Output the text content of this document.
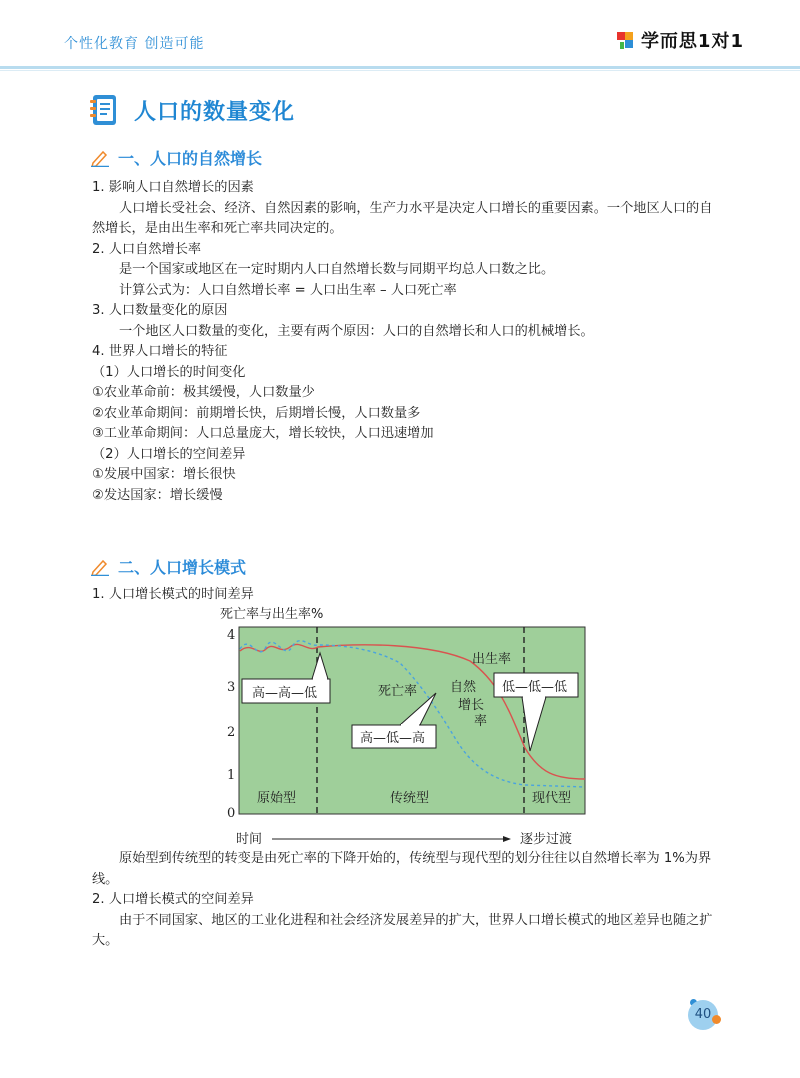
个性化教育 创造可能	学而思1对1
人口的数量变化
一、人口的自然增长

1. 影响人口自然增长的因素

人口增长受社会、经济、自然因素的影响，生产力水平是决定人口增长的重要因素。一个地区人口的自然增长，是由出生率和死亡率共同决定的。

2. 人口自然增长率

是一个国家或地区在一定时期内人口自然增长数与同期平均总人口数之比。

计算公式为：人口自然增长率 = 人口出生率 – 人口死亡率

3. 人口数量变化的原因

一个地区人口数量的变化，主要有两个原因：人口的自然增长和人口的机械增长。

4. 世界人口增长的特征

（1）人口增长的时间变化

①农业革命前：极其缓慢，人口数量少

②农业革命期间：前期增长快，后期增长慢，人口数量多

③工业革命期间：人口总量庞大，增长较快，人口迅速增加

（2）人口增长的空间差异

①发展中国家：增长很快

②发达国家：增长缓慢

二、人口增长模式

1. 人口增长模式的时间差异

死亡率与出生率%
4
3
2
1
0
出生率
死亡率	自然
增长
率
高—高—低
高—低—高
低—低—低
原始型	传统型	现代型
时间	逐步过渡

原始型到传统型的转变是由死亡率的下降开始的，传统型与现代型的划分往往以自然增长率为 1%为界线。

2. 人口增长模式的空间差异

由于不同国家、地区的工业化进程和社会经济发展差异的扩大，世界人口增长模式的地区差异也随之扩大。

40
